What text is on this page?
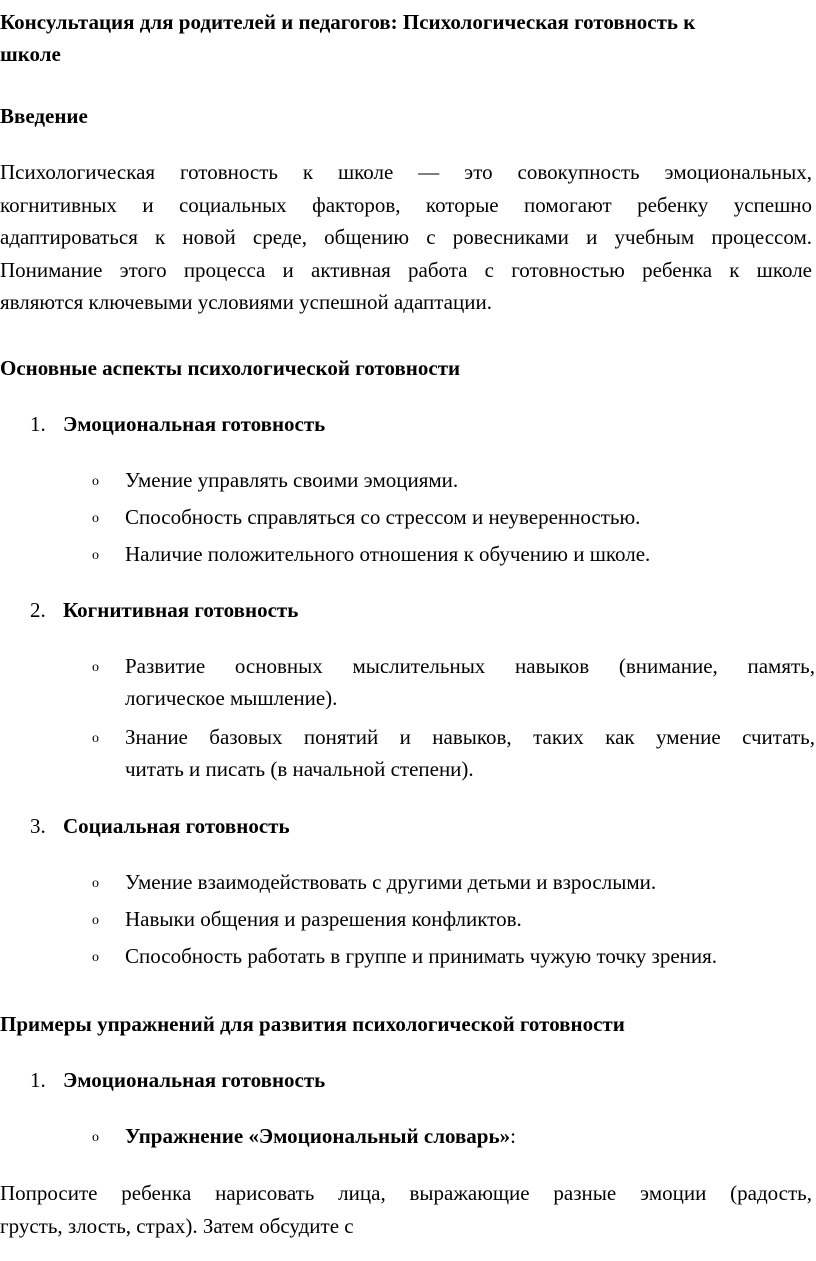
Консультация для родителей и педагогов: Психологическая готовность к
школе
Введение
Психологическая готовность к школе — это совокупность эмоциональных,
когнитивных и социальных факторов, которые помогают ребенку успешно
адаптироваться к новой среде, общению с ровесниками и учебным процессом.
Понимание этого процесса и активная работа с готовностью ребенка к школе
являются ключевыми условиями успешной адаптации.
Основные аспекты психологической готовности
1. Эмоциональная готовность
o Умение управлять своими эмоциями.
o Способность справляться со стрессом и неуверенностью.
o Наличие положительного отношения к обучению и школе.
2. Когнитивная готовность
o Развитие основных мыслительных навыков (внимание, память,
логическое мышление).
o Знание базовых понятий и навыков, таких как умение считать,
читать и писать (в начальной степени).
3. Социальная готовность
o Умение взаимодействовать с другими детьми и взрослыми.
o Навыки общения и разрешения конфликтов.
o Способность работать в группе и принимать чужую точку зрения.
Примеры упражнений для развития психологической готовности
1. Эмоциональная готовность
o Упражнение «Эмоциональный словарь»:
Попросите ребенка нарисовать лица, выражающие разные эмоции (радость,
грусть, злость, страх). Затем обсудите с
